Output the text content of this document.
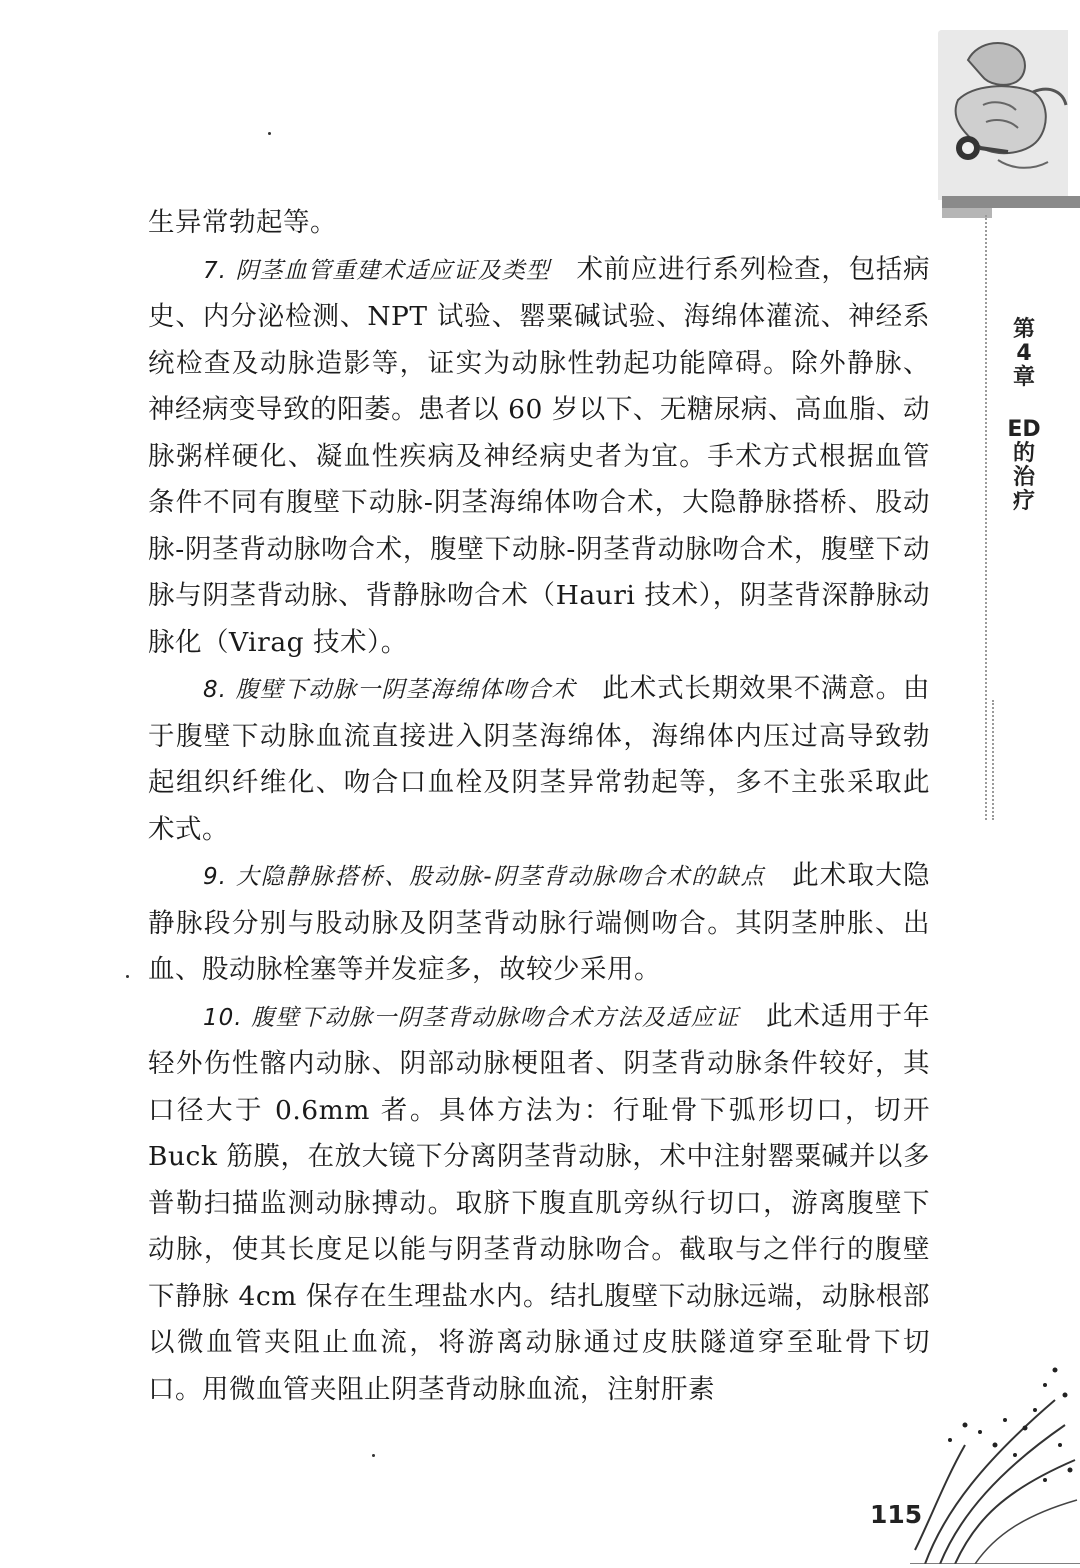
生异常勃起等。

7. 阴茎血管重建术适应证及类型 术前应进行系列检查，包括病史、内分泌检测、NPT 试验、罂粟碱试验、海绵体灌流、神经系统检查及动脉造影等，证实为动脉性勃起功能障碍。除外静脉、神经病变导致的阳萎。患者以 60 岁以下、无糖尿病、高血脂、动脉粥样硬化、凝血性疾病及神经病史者为宜。手术方式根据血管条件不同有腹壁下动脉-阴茎海绵体吻合术，大隐静脉搭桥、股动脉-阴茎背动脉吻合术，腹壁下动脉-阴茎背动脉吻合术，腹壁下动脉与阴茎背动脉、背静脉吻合术（Hauri 技术），阴茎背深静脉动脉化（Virag 技术）。

8. 腹壁下动脉一阴茎海绵体吻合术 此术式长期效果不满意。由于腹壁下动脉血流直接进入阴茎海绵体，海绵体内压过高导致勃起组织纤维化、吻合口血栓及阴茎异常勃起等，多不主张采取此术式。

9. 大隐静脉搭桥、股动脉-阴茎背动脉吻合术的缺点 此术取大隐静脉段分别与股动脉及阴茎背动脉行端侧吻合。其阴茎肿胀、出血、股动脉栓塞等并发症多，故较少采用。

10. 腹壁下动脉一阴茎背动脉吻合术方法及适应证 此术适用于年轻外伤性髂内动脉、阴部动脉梗阻者、阴茎背动脉条件较好，其口径大于 0.6mm 者。具体方法为：行耻骨下弧形切口，切开 Buck 筋膜，在放大镜下分离阴茎背动脉，术中注射罂粟碱并以多普勒扫描监测动脉搏动。取脐下腹直肌旁纵行切口，游离腹壁下动脉，使其长度足以能与阴茎背动脉吻合。截取与之伴行的腹壁下静脉 4cm 保存在生理盐水内。结扎腹壁下动脉远端，动脉根部以微血管夹阻止血流，将游离动脉通过皮肤隧道穿至耻骨下切口。用微血管夹阻止阴茎背动脉血流，注射肝素

第
4
章
ED
的
治
疗
115
